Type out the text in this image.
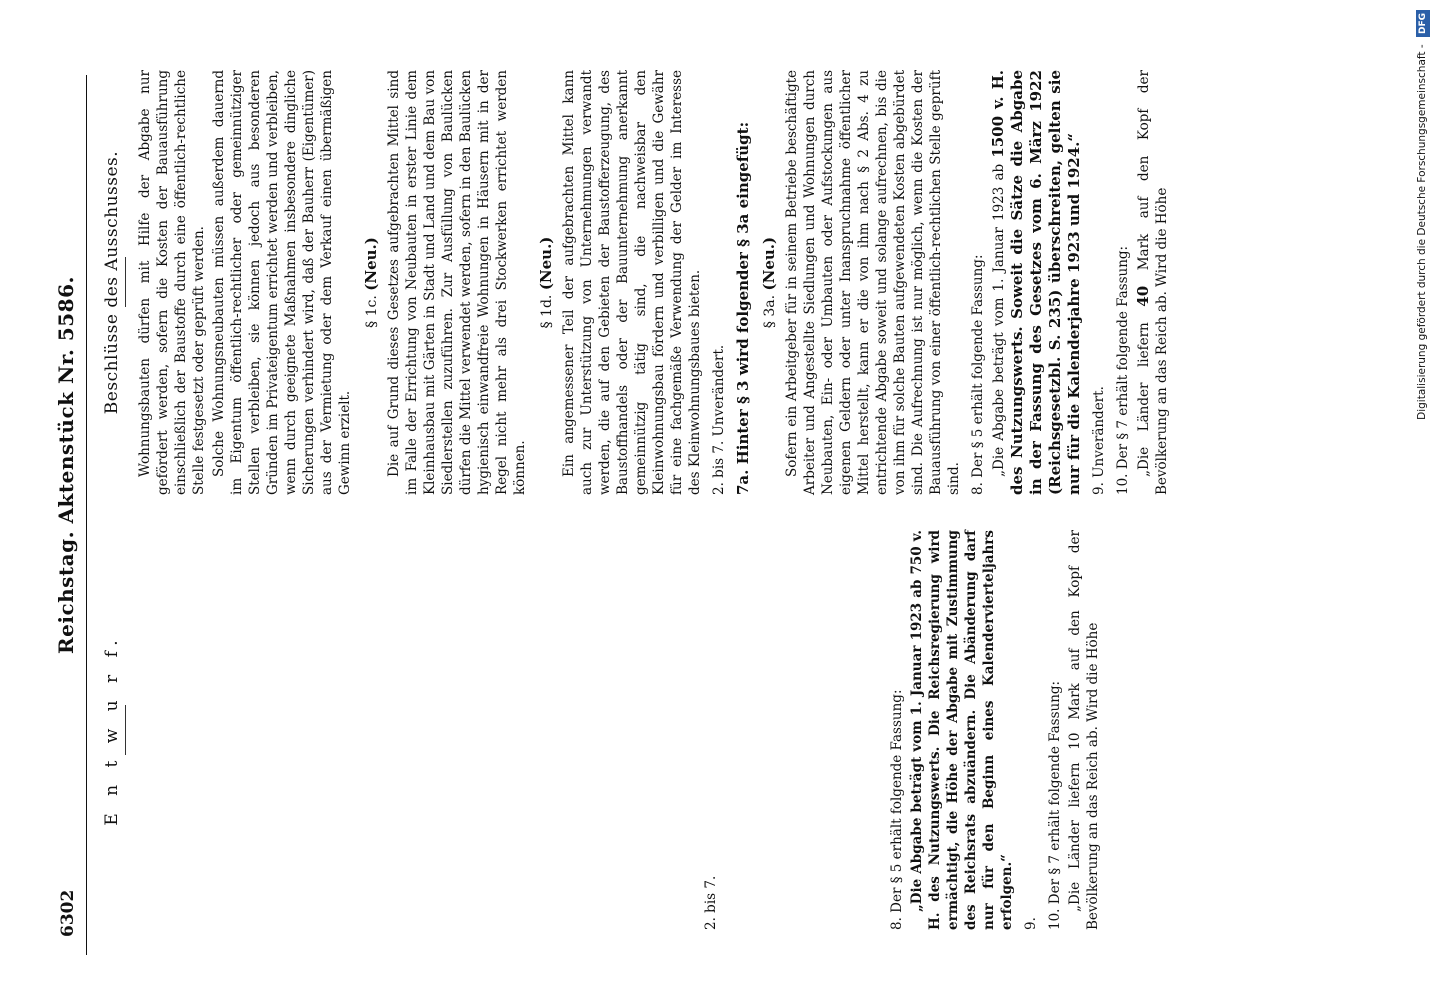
6302
Reichstag. Aktenstück Nr. 5586.
E n t w u r f.

2. bis 7.	8. Der § 5 erhält folgende Fassung: „Die Abgabe beträgt vom 1. Januar 1923 ab 750 v. H. des Nutzungswerts. Die Reichsregierung wird ermächtigt, die Höhe der Abgabe mit Zustimmung des Reichsrats abzuändern. Die Abänderung darf nur für den Beginn eines Kalendervierteljahrs erfolgen.“ 9. 10. Der § 7 erhält folgende Fassung: „Die Länder liefern 10 Mark auf den Kopf der Bevölkerung an das Reich ab. Wird die Höhe

Beschlüsse des Ausschusses. Wohnungsbauten dürfen mit Hilfe der Abgabe nur gefördert werden, sofern die Kosten der Bauausführung einschließlich der Baustoffe durch eine öffentlich-rechtliche Stelle festgesetzt oder geprüft werden. Solche Wohnungsneubauten müssen außerdem dauernd im Eigentum öffentlich-rechtlicher oder gemeinnütziger Stellen verbleiben, sie können jedoch aus besonderen Gründen im Privateigentum errichtet werden und verbleiben, wenn durch geeignete Maßnahmen insbesondere dingliche Sicherungen verhindert wird, daß der Bauherr (Eigentümer) aus der Vermietung oder dem Verkauf einen übermäßigen Gewinn erzielt.

§ 1c. (Neu.) Die auf Grund dieses Gesetzes aufgebrachten Mittel sind im Falle der Errichtung von Neubauten in erster Linie dem Kleinhausbau mit Gärten in Stadt und Land und dem Bau von Siedlerstellen zuzuführen. Zur Ausfüllung von Baulücken dürfen die Mittel verwendet werden, sofern in den Baulücken hygienisch einwandfreie Wohnungen in Häusern mit in der Regel nicht mehr als drei Stockwerken errichtet werden können.

§ 1d. (Neu.) Ein angemessener Teil der aufgebrachten Mittel kann auch zur Unterstützung von Unternehmungen verwandt werden, die auf den Gebieten der Baustofferzeugung, des Baustoffhandels oder der Bauunternehmung anerkannt gemeinnützig tätig sind, die nachweisbar den Kleinwohnungsbau fördern und verbilligen und die Gewähr für eine fachgemäße Verwendung der Gelder im Interesse des Kleinwohnungsbaues bieten. 2. bis 7. Unverändert. 7a. Hinter § 3 wird folgender § 3a eingefügt: § 3a. (Neu.) Sofern ein Arbeitgeber für in seinem Betriebe beschäftigte Arbeiter und Angestellte Siedlungen und Wohnungen durch Neubauten, Ein- oder Umbauten oder Aufstockungen aus eigenen Geldern oder unter Inanspruchnahme öffentlicher Mittel herstellt, kann er die von ihm nach § 2 Abs. 4 zu entrichtende Abgabe soweit und solange aufrechnen, bis die von ihm für solche Bauten aufgewendeten Kosten abgebürdet sind. Die Aufrechnung ist nur möglich, wenn die Kosten der Bauausführung von einer öffentlich-rechtlichen Stelle geprüft sind. 8. Der § 5 erhält folgende Fassung: „Die Abgabe beträgt vom 1. Januar 1923 ab 1500 v. H. des Nutzungswerts. Soweit die Sätze die Abgabe in der Fassung des Gesetzes vom 6. März 1922 (Reichsgesetzbl. S. 235) überschreiten, gelten sie nur für die Kalenderjahre 1923 und 1924.“ 9. Unverändert. 10. Der § 7 erhält folgende Fassung: „Die Länder liefern 40 Mark auf den Kopf der Bevölkerung an das Reich ab. Wird die Höhe	Digitalisierung gefördert durch die Deutsche Forschungsgemeinschaft - DFG
